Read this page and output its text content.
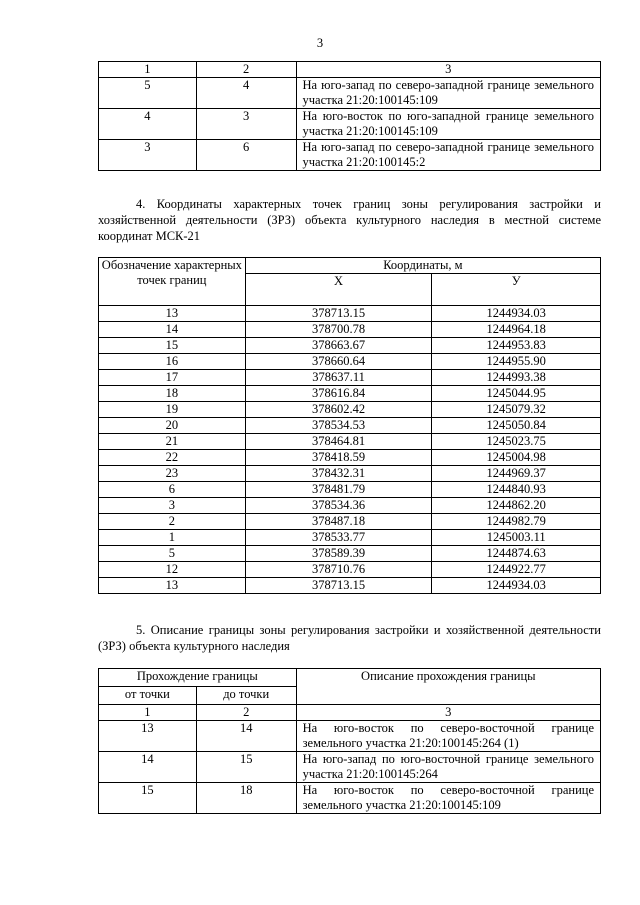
3
1	2	3
5	4	На юго-запад по северо-западной границе земельного участка 21:20:100145:109
4	3	На юго-восток по юго-западной границе земельного участка 21:20:100145:109
3	6	На юго-запад по северо-западной границе земельного участка 21:20:100145:2

4. Координаты характерных точек границ зоны регулирования застройки и хозяйственной деятельности (ЗРЗ) объекта культурного наследия в местной системе координат МСК-21

Обозначение характерных точек границ	Координаты, м	
	X	У
13	378713.15	1244934.03
14	378700.78	1244964.18
15	378663.67	1244953.83
16	378660.64	1244955.90
17	378637.11	1244993.38
18	378616.84	1245044.95
19	378602.42	1245079.32
20	378534.53	1245050.84
21	378464.81	1245023.75
22	378418.59	1245004.98
23	378432.31	1244969.37
6	378481.79	1244840.93
3	378534.36	1244862.20
2	378487.18	1244982.79
1	378533.77	1245003.11
5	378589.39	1244874.63
12	378710.76	1244922.77
13	378713.15	1244934.03

5. Описание границы зоны регулирования застройки и хозяйственной деятельности (ЗРЗ) объекта культурного наследия

Прохождение границы		Описание прохождения границы
от точки	до точки	
1	2	3
13	14	На юго-восток по северо-восточной границе земельного участка 21:20:100145:264 (1)
14	15	На юго-запад по юго-восточной границе земельного участка 21:20:100145:264
15	18	На юго-восток по северо-восточной границе земельного участка 21:20:100145:109
